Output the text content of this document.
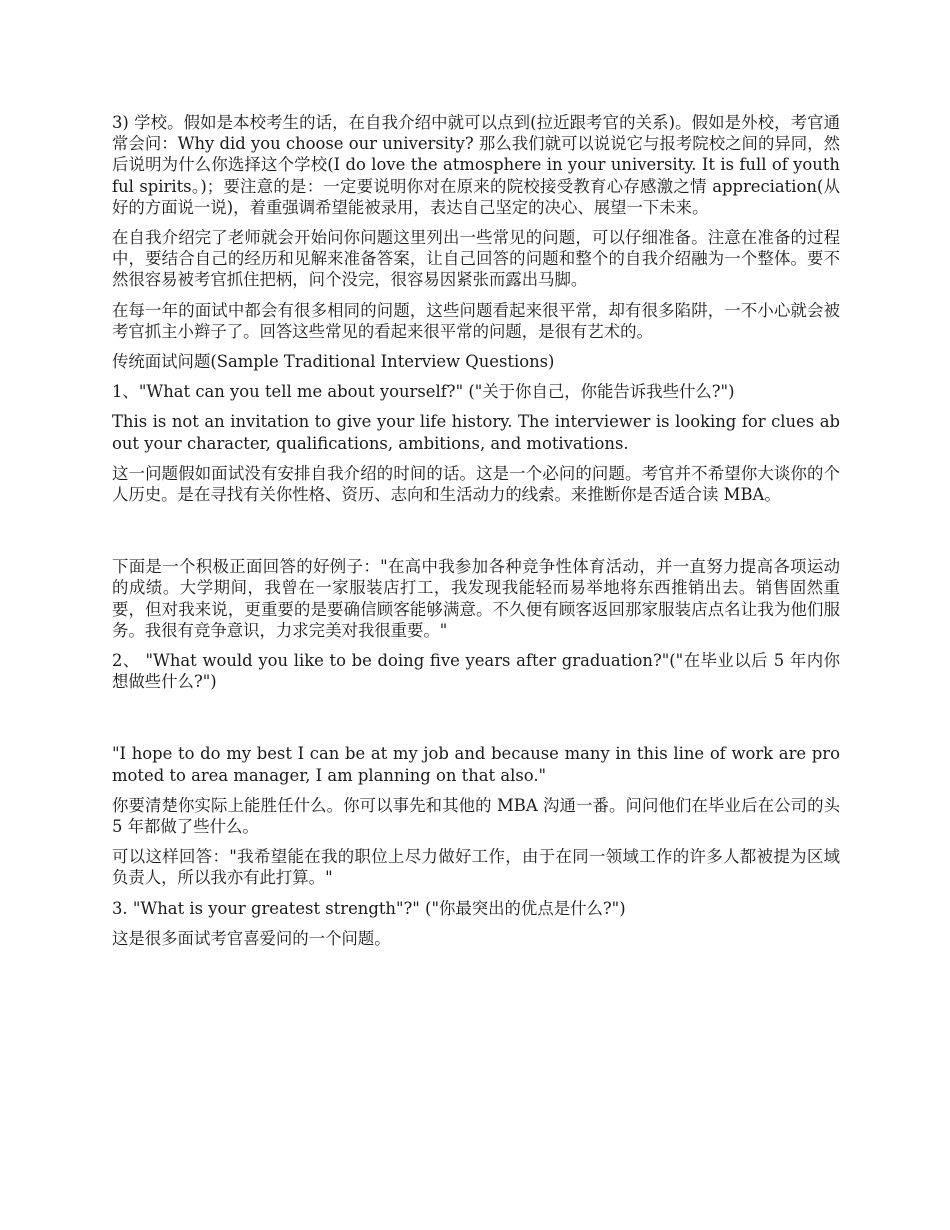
3) 学校。假如是本校考生的话，在自我介绍中就可以点到(拉近跟考官的关系)。假如是外校，考官通常会问：Why did you choose our university? 那么我们就可以说说它与报考院校之间的异同，然后说明为什么你选择这个学校(I do love the atmosphere in your university. It is full of youthful spirits。)；要注意的是：一定要说明你对在原来的院校接受教育心存感激之情 appreciation(从好的方面说一说)，着重强调希望能被录用，表达自己坚定的决心、展望一下未来。

在自我介绍完了老师就会开始问你问题这里列出一些常见的问题，可以仔细准备。注意在准备的过程中，要结合自己的经历和见解来准备答案，让自己回答的问题和整个的自我介绍融为一个整体。要不然很容易被考官抓住把柄，问个没完，很容易因紧张而露出马脚。

在每一年的面试中都会有很多相同的问题，这些问题看起来很平常，却有很多陷阱，一不小心就会被考官抓主小辫子了。回答这些常见的看起来很平常的问题，是很有艺术的。

传统面试问题(Sample Traditional Interview Questions)

1、"What can you tell me about yourself?" ("关于你自己，你能告诉我些什么?")

This is not an invitation to give your life history. The interviewer is looking for clues about your character, qualifications, ambitions, and motivations.

这一问题假如面试没有安排自我介绍的时间的话。这是一个必问的问题。考官并不希望你大谈你的个人历史。是在寻找有关你性格、资历、志向和生活动力的线索。来推断你是否适合读 MBA。

下面是一个积极正面回答的好例子："在高中我参加各种竞争性体育活动，并一直努力提高各项运动的成绩。大学期间，我曾在一家服装店打工，我发现我能轻而易举地将东西推销出去。销售固然重要，但对我来说，更重要的是要确信顾客能够满意。不久便有顾客返回那家服装店点名让我为他们服务。我很有竞争意识，力求完美对我很重要。"

2、 "What would you like to be doing five years after graduation?"("在毕业以后 5 年内你想做些什么?")

"I hope to do my best I can be at my job and because many in this line of work are promoted to area manager, I am planning on that also."

你要清楚你实际上能胜任什么。你可以事先和其他的 MBA 沟通一番。问问他们在毕业后在公司的头 5 年都做了些什么。

可以这样回答："我希望能在我的职位上尽力做好工作，由于在同一领域工作的许多人都被提为区域负责人，所以我亦有此打算。"

3. "What is your greatest strength"?" ("你最突出的优点是什么?")

这是很多面试考官喜爱问的一个问题。
